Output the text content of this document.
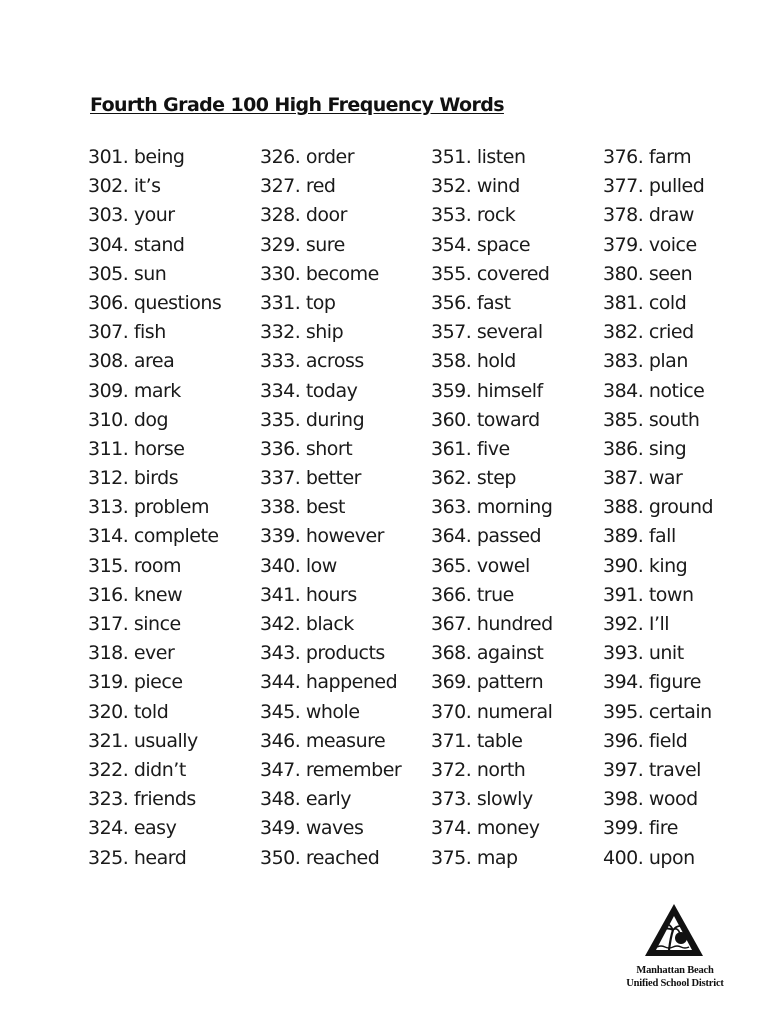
Fourth Grade 100 High Frequency Words
301. being
302. it’s
303. your
304. stand
305. sun
306. questions
307. fish
308. area
309. mark
310. dog
311. horse
312. birds
313. problem
314. complete
315. room
316. knew
317. since
318. ever
319. piece
320. told
321. usually
322. didn’t
323. friends
324. easy
325. heard
326. order
327. red
328. door
329. sure
330. become
331. top
332. ship
333. across
334. today
335. during
336. short
337. better
338. best
339. however
340. low
341. hours
342. black
343. products
344. happened
345. whole
346. measure
347. remember
348. early
349. waves
350. reached
351. listen
352. wind
353. rock
354. space
355. covered
356. fast
357. several
358. hold
359. himself
360. toward
361. five
362. step
363. morning
364. passed
365. vowel
366. true
367. hundred
368. against
369. pattern
370. numeral
371. table
372. north
373. slowly
374. money
375. map
376. farm
377. pulled
378. draw
379. voice
380. seen
381. cold
382. cried
383. plan
384. notice
385. south
386. sing
387. war
388. ground
389. fall
390. king
391. town
392. I’ll
393. unit
394. figure
395. certain
396. field
397. travel
398. wood
399. fire
400. upon
Manhattan Beach
Unified School District
